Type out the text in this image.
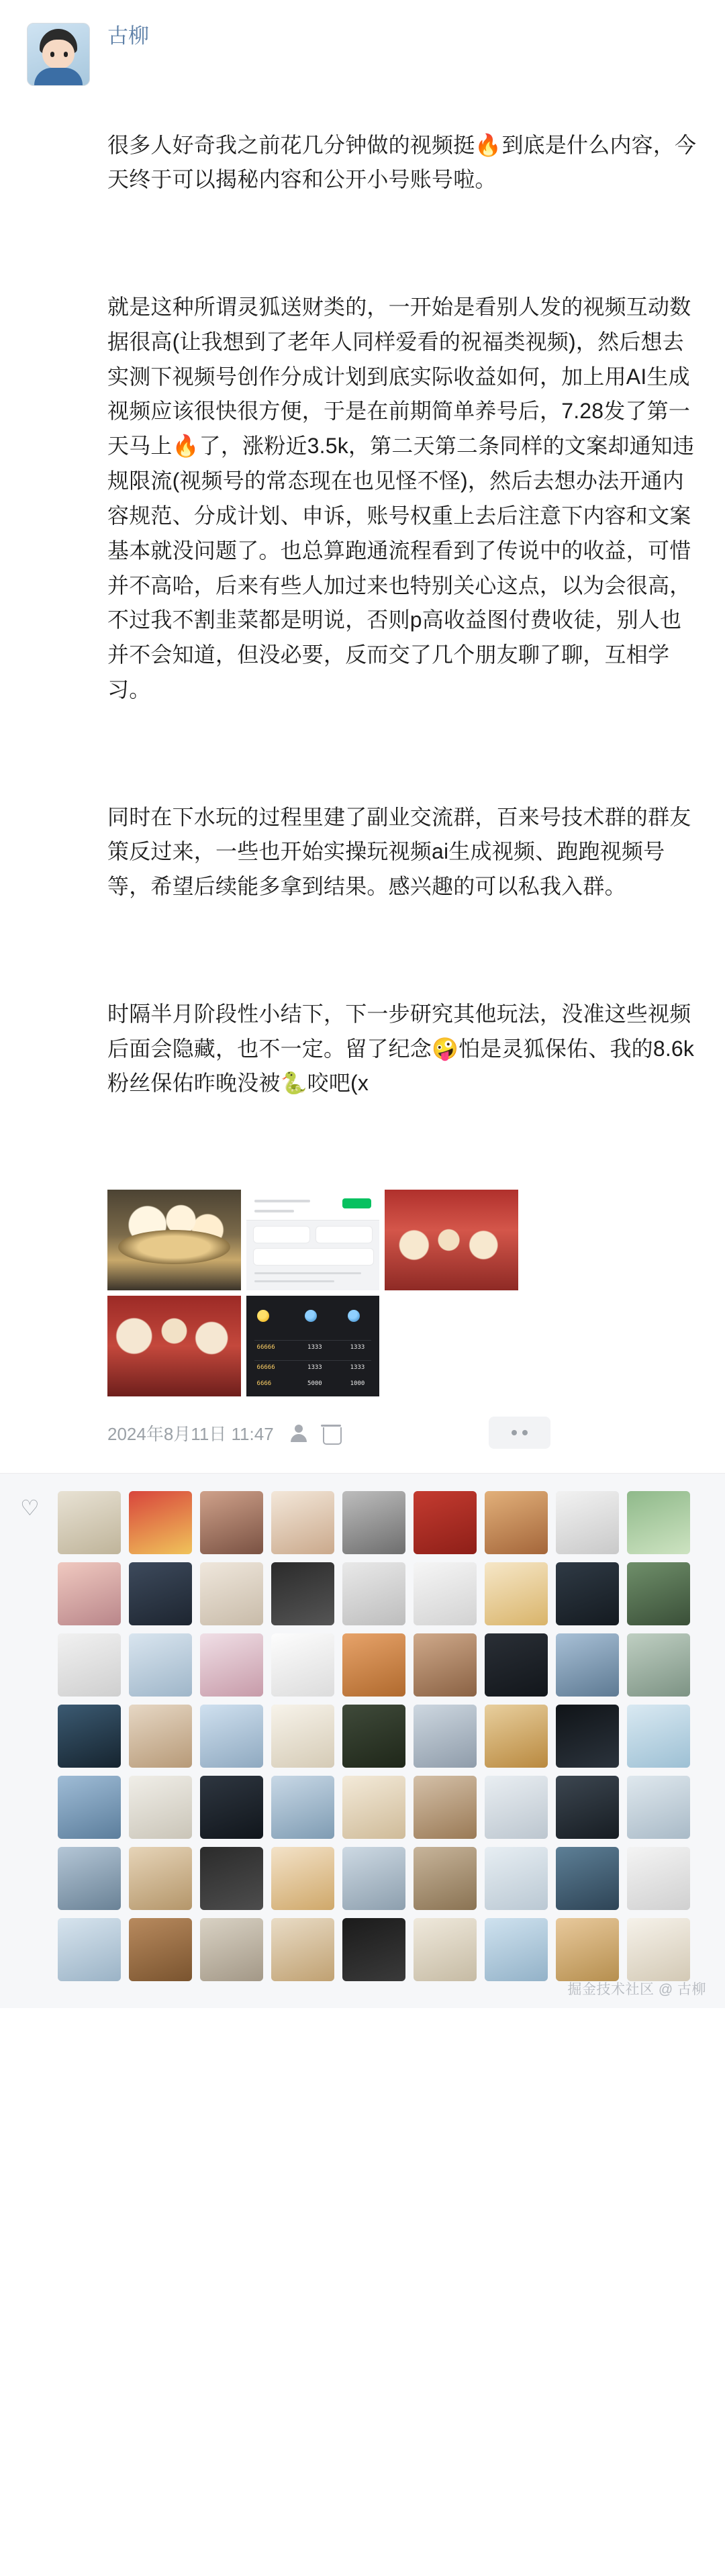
古柳

很多人好奇我之前花几分钟做的视频挺🔥到底是什么内容，今天终于可以揭秘内容和公开小号账号啦。

就是这种所谓灵狐送财类的，一开始是看别人发的视频互动数据很高(让我想到了老年人同样爱看的祝福类视频)，然后想去实测下视频号创作分成计划到底实际收益如何，加上用AI生成视频应该很快很方便，于是在前期简单养号后，7.28发了第一天马上🔥了，涨粉近3.5k，第二天第二条同样的文案却通知违规限流(视频号的常态现在也见怪不怪)，然后去想办法开通内容规范、分成计划、申诉，账号权重上去后注意下内容和文案基本就没问题了。也总算跑通流程看到了传说中的收益，可惜并不高哈，后来有些人加过来也特别关心这点，以为会很高，不过我不割韭菜都是明说，否则p高收益图付费收徒，别人也并不会知道，但没必要，反而交了几个朋友聊了聊，互相学习。

同时在下水玩的过程里建了副业交流群，百来号技术群的群友策反过来，一些也开始实操玩视频ai生成视频、跑跑视频号等，希望后续能多拿到结果。感兴趣的可以私我入群。

时隔半月阶段性小结下，下一步研究其他玩法，没准这些视频后面会隐藏，也不一定。留了纪念🤪怕是灵狐保佑、我的8.6k粉丝保佑昨晚没被🐍咬吧(x

66666	1333	1333
66666	1333	1333
6666	5000	1000
2024年8月11日 11:47
♡
掘金技术社区 @ 古柳
